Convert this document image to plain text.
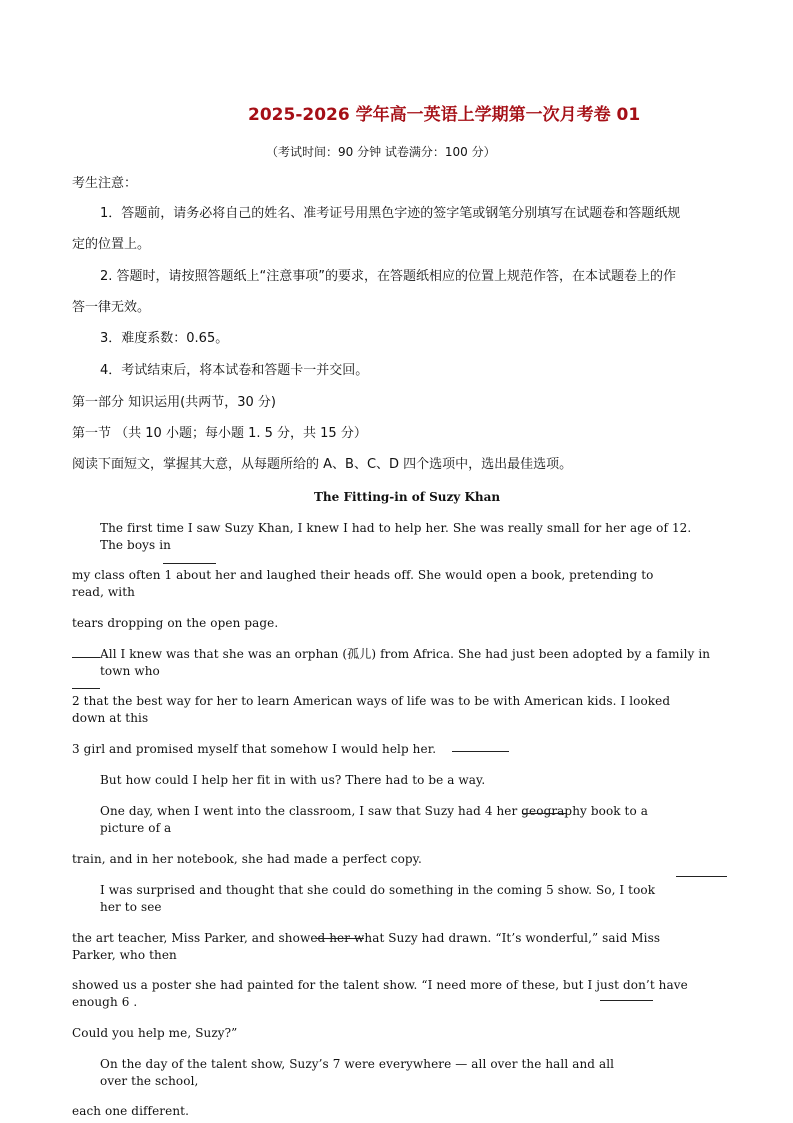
2025-2026 学年高一英语上学期第一次月考卷 01
（考试时间：90 分钟 试卷满分：100 分）
考生注意：
1．答题前，请务必将自己的姓名、准考证号用黑色字迹的签字笔或钢笔分别填写在试题卷和答题纸规
定的位置上。
2. 答题时，请按照答题纸上“注意事项”的要求，在答题纸相应的位置上规范作答，在本试题卷上的作
答一律无效。
3．难度系数：0.65。
4．考试结束后，将本试卷和答题卡一并交回。
第一部分 知识运用(共两节，30 分)
第一节 （共 10 小题；每小题 1. 5 分，共 15 分）
阅读下面短文，掌握其大意，从每题所给的 A、B、C、D 四个选项中，选出最佳选项。
The Fitting-in of Suzy Khan
The first time I saw Suzy Khan, I knew I had to help her. She was really small for her age of 12.
The boys in
my class often 1 about her and laughed their heads off. She would open a book, pretending to
read, with
tears dropping on the open page.
All I knew was that she was an orphan (孤儿) from Africa. She had just been adopted by a family in
town who
2 that the best way for her to learn American ways of life was to be with American kids. I looked
down at this
3 girl and promised myself that somehow I would help her.
But how could I help her fit in with us? There had to be a way.
One day, when I went into the classroom, I saw that Suzy had 4 her geography book to a
picture of a
train, and in her notebook, she had made a perfect copy.
I was surprised and thought that she could do something in the coming 5 show. So, I took
her to see
the art teacher, Miss Parker, and showed her what Suzy had drawn. “It’s wonderful,” said Miss
Parker, who then
showed us a poster she had painted for the talent show. “I need more of these, but I just don’t have
enough 6 .
Could you help me, Suzy?”
On the day of the talent show, Suzy’s 7 were everywhere — all over the hall and all
over the school,
each one different.
